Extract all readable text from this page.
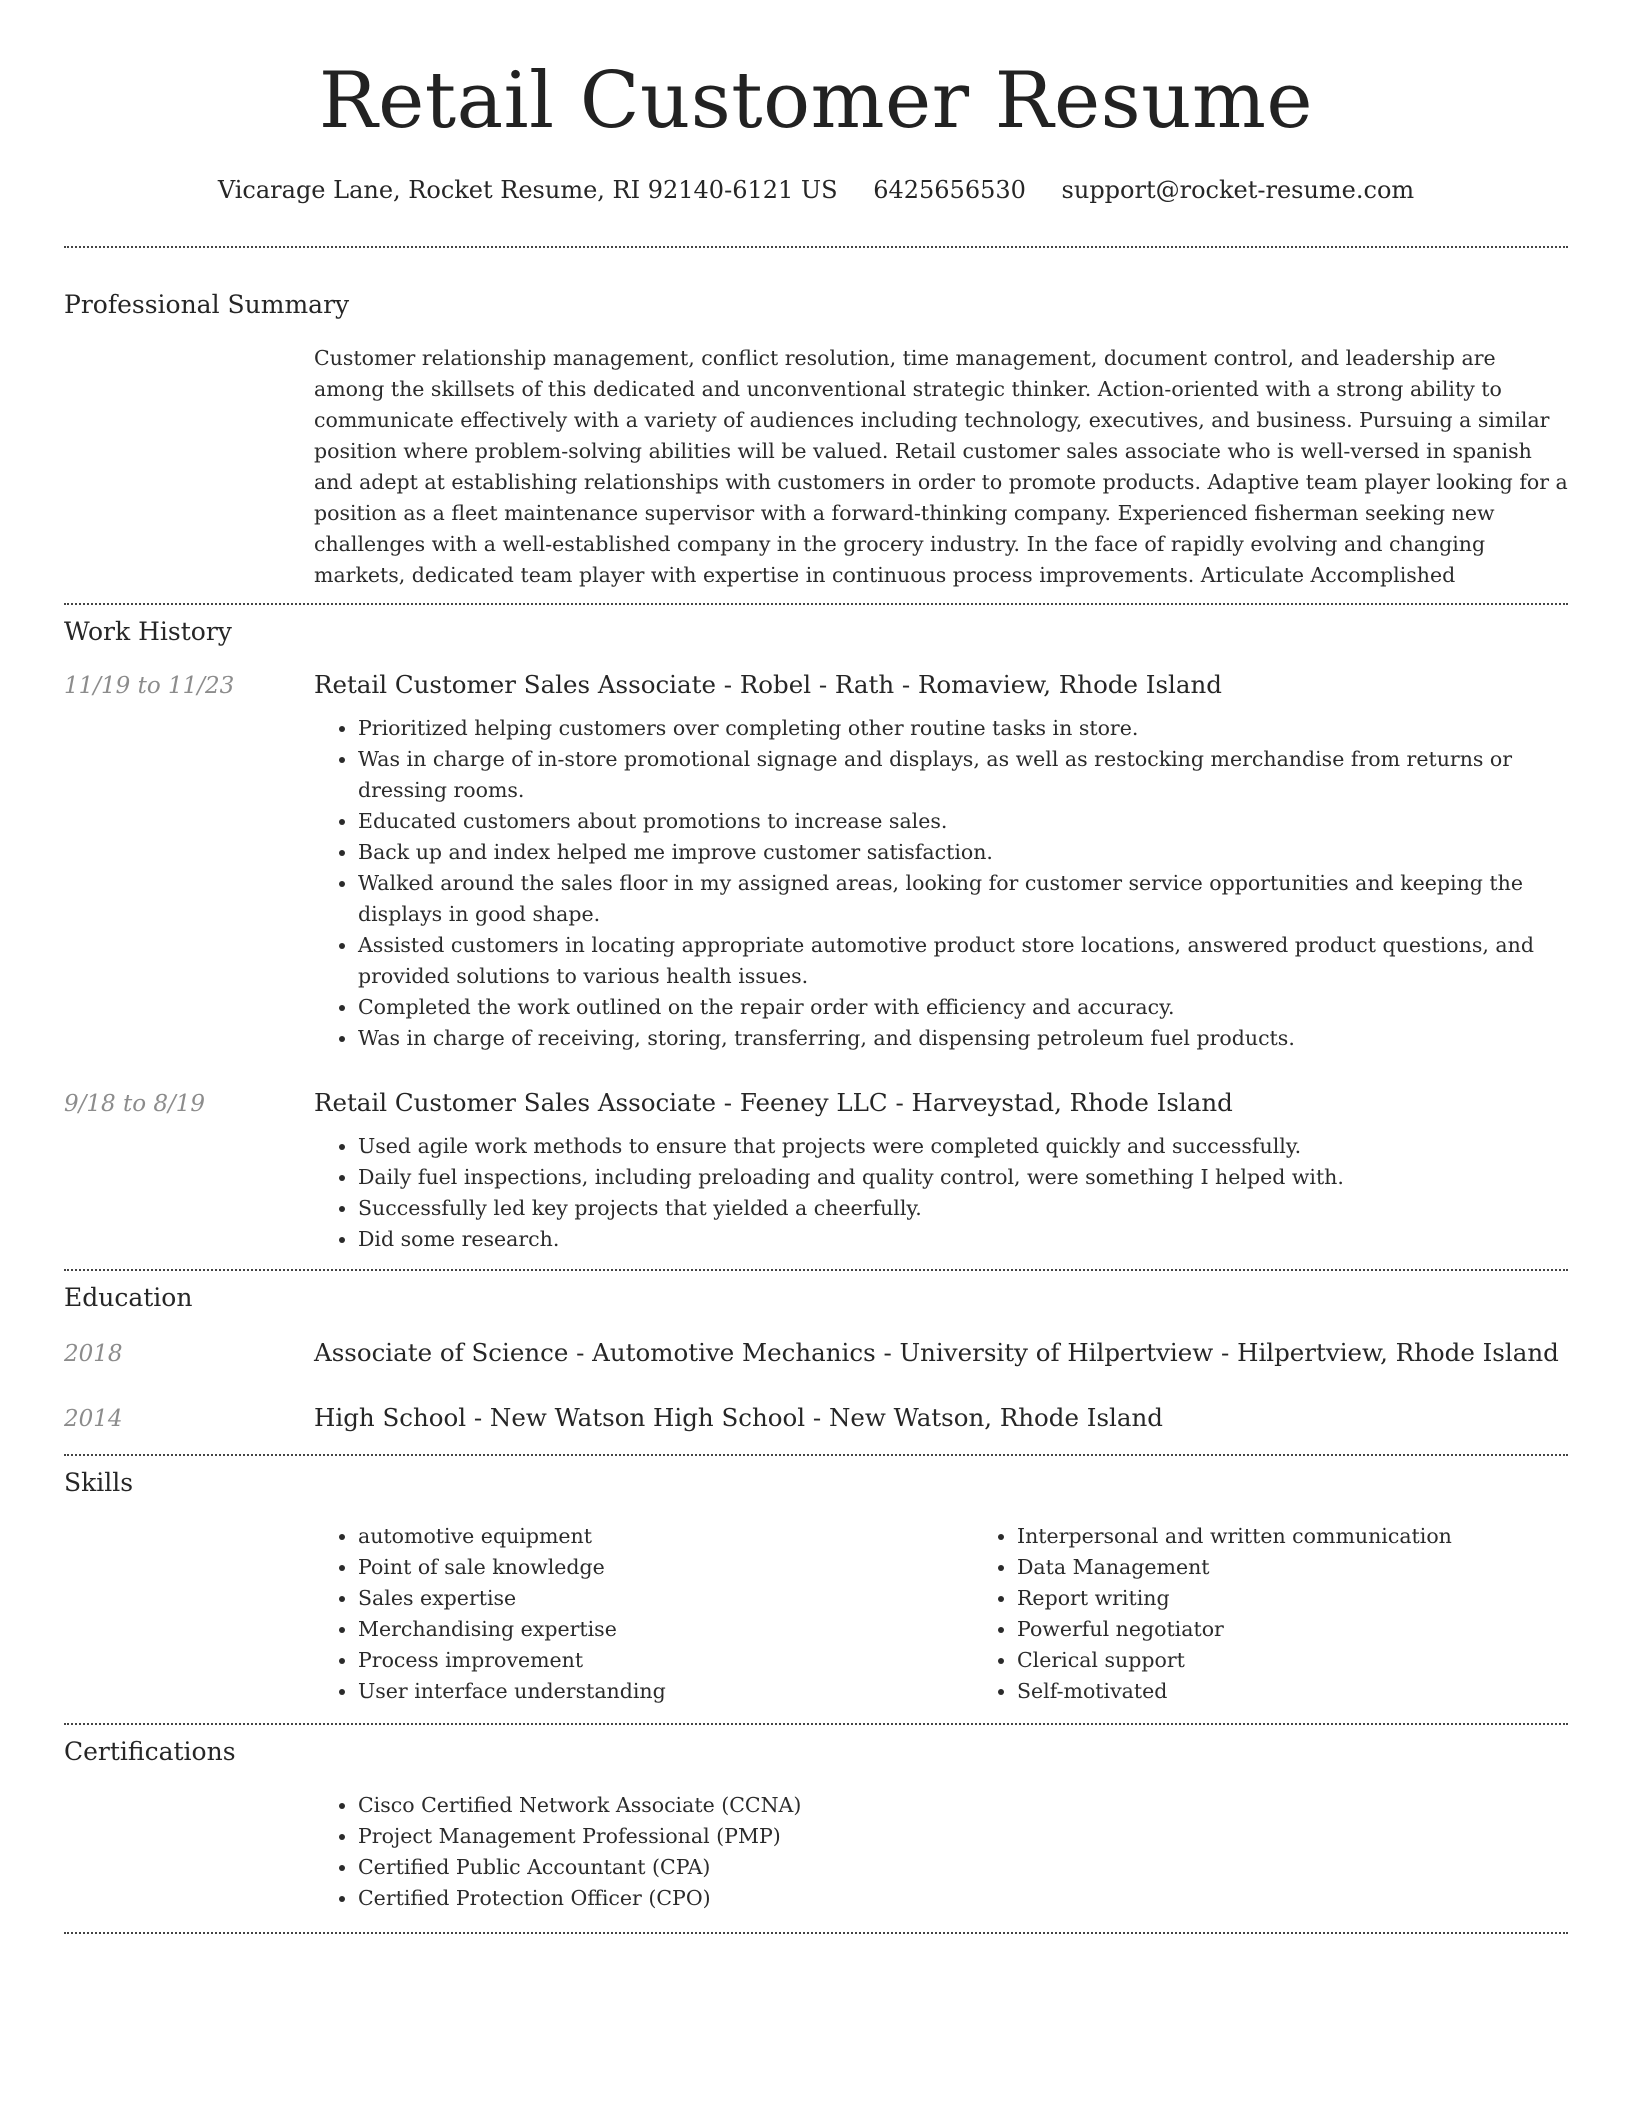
Retail Customer Resume
Vicarage Lane, Rocket Resume, RI 92140-6121 US 6425656530 support@rocket-resume.com
Professional Summary
Customer relationship management, conflict resolution, time management, document control, and leadership are among the skillsets of this dedicated and unconventional strategic thinker. Action-oriented with a strong ability to communicate effectively with a variety of audiences including technology, executives, and business. Pursuing a similar position where problem-solving abilities will be valued. Retail customer sales associate who is well-versed in spanish and adept at establishing relationships with customers in order to promote products. Adaptive team player looking for a position as a fleet maintenance supervisor with a forward-thinking company. Experienced fisherman seeking new challenges with a well-established company in the grocery industry. In the face of rapidly evolving and changing markets, dedicated team player with expertise in continuous process improvements. Articulate Accomplished
Work History
11/19 to 11/23	Retail Customer Sales Associate - Robel - Rath - Romaview, Rhode Island
• Prioritized helping customers over completing other routine tasks in store.
• Was in charge of in-store promotional signage and displays, as well as restocking merchandise from returns or dressing rooms.
• Educated customers about promotions to increase sales.
• Back up and index helped me improve customer satisfaction.
• Walked around the sales floor in my assigned areas, looking for customer service opportunities and keeping the displays in good shape.
• Assisted customers in locating appropriate automotive product store locations, answered product questions, and provided solutions to various health issues.
• Completed the work outlined on the repair order with efficiency and accuracy.
• Was in charge of receiving, storing, transferring, and dispensing petroleum fuel products.
9/18 to 8/19	Retail Customer Sales Associate - Feeney LLC - Harveystad, Rhode Island
• Used agile work methods to ensure that projects were completed quickly and successfully.
• Daily fuel inspections, including preloading and quality control, were something I helped with.
• Successfully led key projects that yielded a cheerfully.
• Did some research.
Education
2018	Associate of Science - Automotive Mechanics - University of Hilpertview - Hilpertview, Rhode Island
2014	High School - New Watson High School - New Watson, Rhode Island
Skills
• automotive equipment
• Point of sale knowledge
• Sales expertise
• Merchandising expertise
• Process improvement
• User interface understanding
• Interpersonal and written communication
• Data Management
• Report writing
• Powerful negotiator
• Clerical support
• Self-motivated
Certifications
• Cisco Certified Network Associate (CCNA)
• Project Management Professional (PMP)
• Certified Public Accountant (CPA)
• Certified Protection Officer (CPO)
